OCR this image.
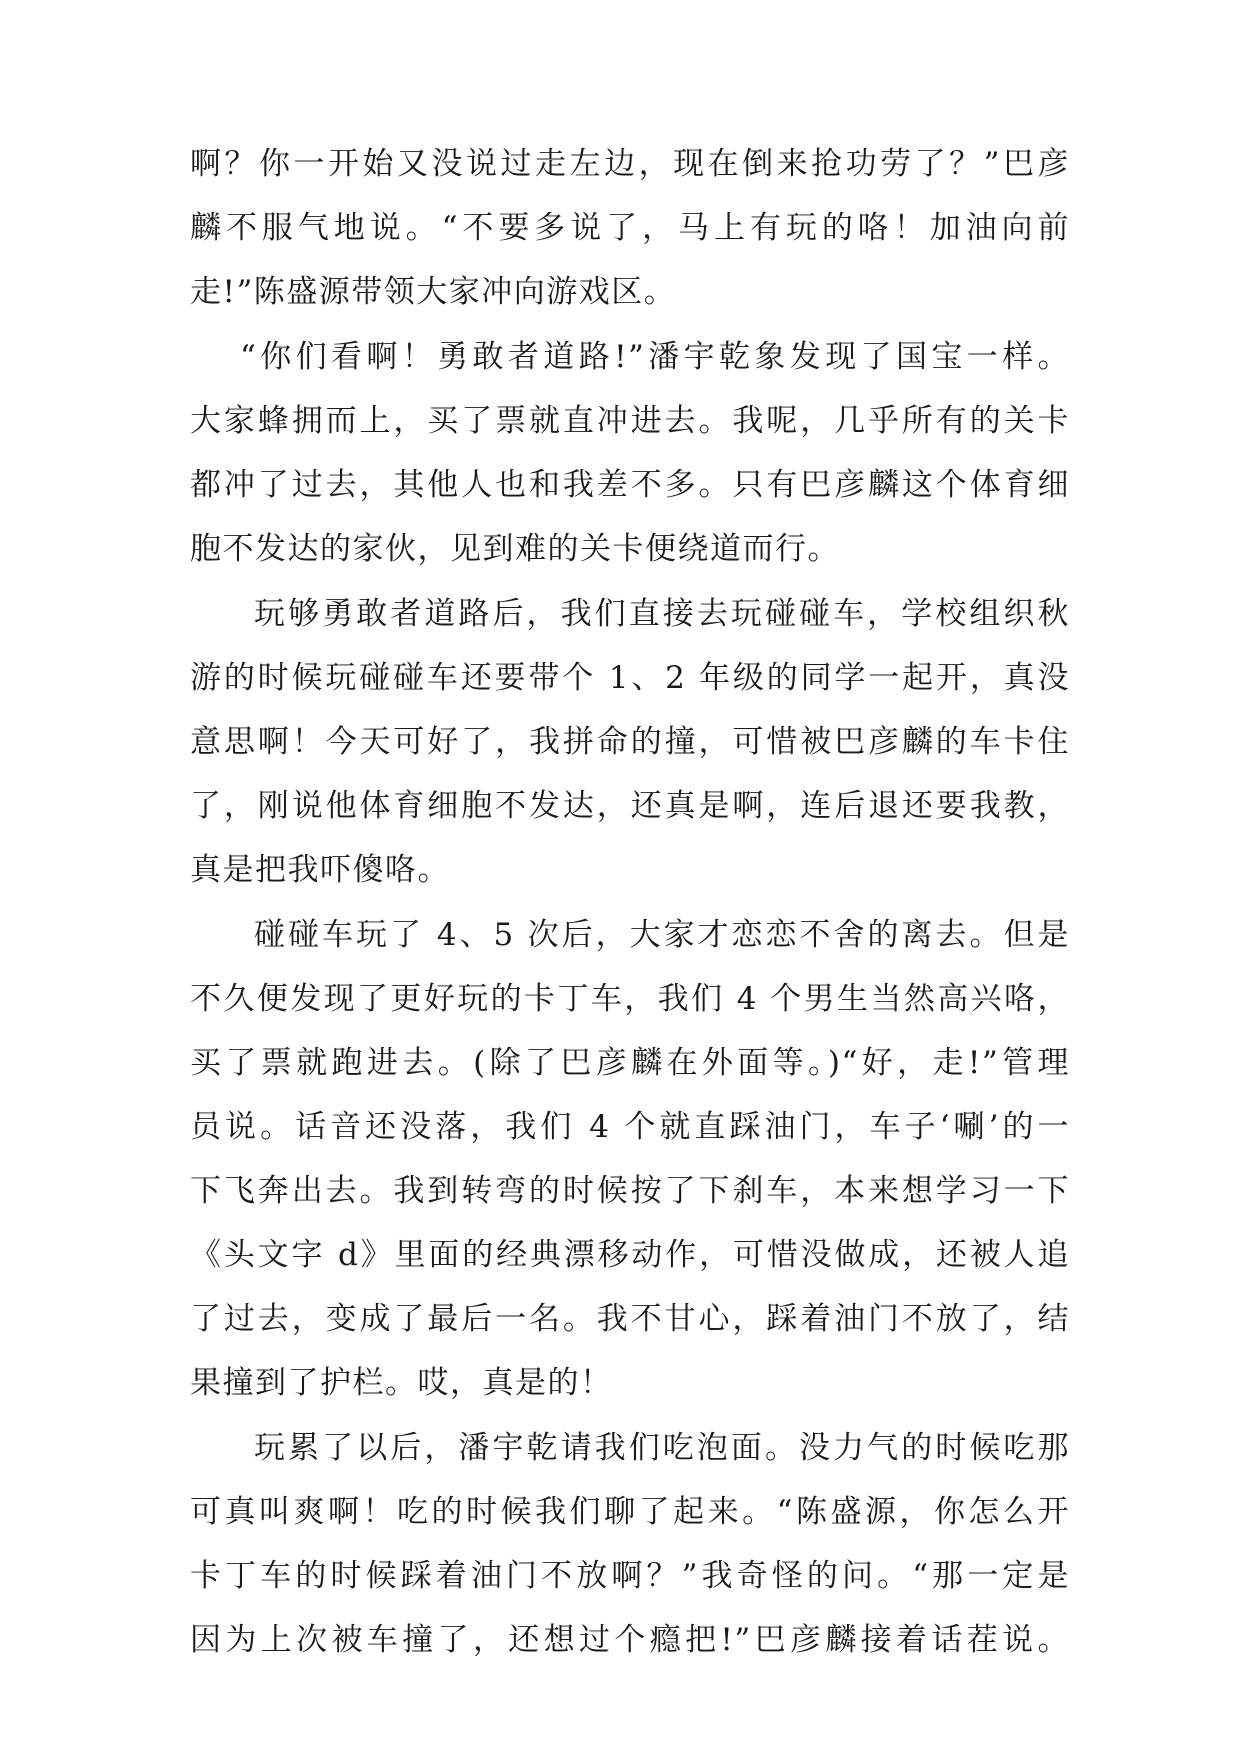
啊？你一开始又没说过走左边，现在倒来抢功劳了？”巴彦
麟不服气地说。“不要多说了，马上有玩的咯！加油向前
走!”陈盛源带领大家冲向游戏区。
“你们看啊！勇敢者道路!”潘宇乾象发现了国宝一样。
大家蜂拥而上，买了票就直冲进去。我呢，几乎所有的关卡
都冲了过去，其他人也和我差不多。只有巴彦麟这个体育细
胞不发达的家伙，见到难的关卡便绕道而行。
玩够勇敢者道路后，我们直接去玩碰碰车，学校组织秋
游的时候玩碰碰车还要带个 1、2 年级的同学一起开，真没
意思啊！今天可好了，我拼命的撞，可惜被巴彦麟的车卡住
了，刚说他体育细胞不发达，还真是啊，连后退还要我教，
真是把我吓傻咯。
碰碰车玩了 4、5 次后，大家才恋恋不舍的离去。但是
不久便发现了更好玩的卡丁车，我们 4 个男生当然高兴咯，
买了票就跑进去。(除了巴彦麟在外面等。)“好，走!”管理
员说。话音还没落，我们 4 个就直踩油门，车子‘唰’的一
下飞奔出去。我到转弯的时候按了下刹车，本来想学习一下
《头文字 d》里面的经典漂移动作，可惜没做成，还被人追
了过去，变成了最后一名。我不甘心，踩着油门不放了，结
果撞到了护栏。哎，真是的！
玩累了以后，潘宇乾请我们吃泡面。没力气的时候吃那
可真叫爽啊！吃的时候我们聊了起来。“陈盛源，你怎么开
卡丁车的时候踩着油门不放啊？”我奇怪的问。“那一定是
因为上次被车撞了，还想过个瘾把!”巴彦麟接着话茬说。
